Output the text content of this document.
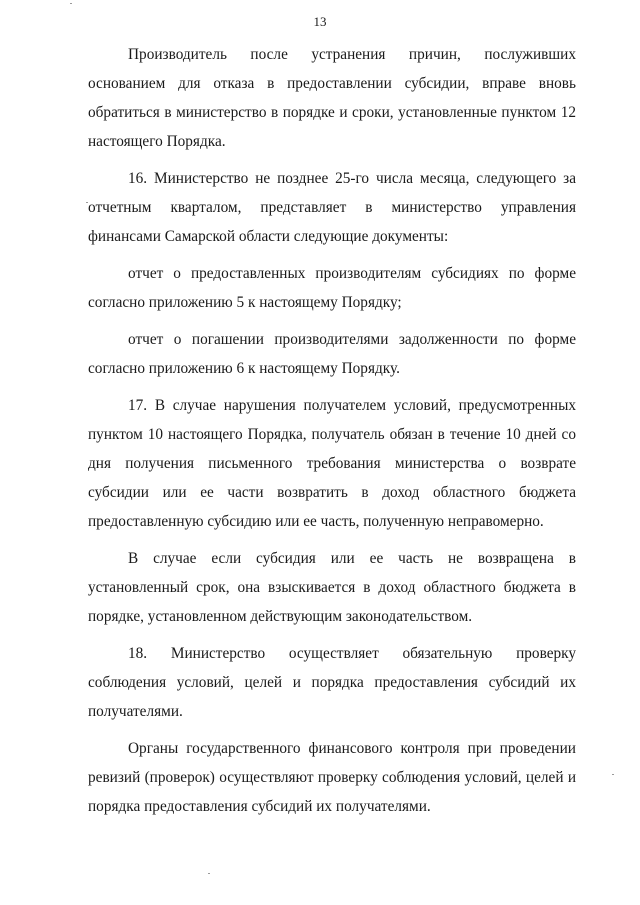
13

Производитель после устранения причин, послуживших основанием для отказа в предоставлении субсидии, вправе вновь обратиться в министерство в порядке и сроки, установленные пунктом 12 настоящего Порядка.

16. Министерство не позднее 25-го числа месяца, следующего за отчетным кварталом, представляет в министерство управления финансами Самарской области следующие документы:

отчет о предоставленных производителям субсидиях по форме согласно приложению 5 к настоящему Порядку;

отчет о погашении производителями задолженности по форме согласно приложению 6 к настоящему Порядку.

17. В случае нарушения получателем условий, предусмотренных пунктом 10 настоящего Порядка, получатель обязан в течение 10 дней со дня получения письменного требования министерства о возврате субсидии или ее части возвратить в доход областного бюджета предоставленную субсидию или ее часть, полученную неправомерно.

В случае если субсидия или ее часть не возвращена в установленный срок, она взыскивается в доход областного бюджета в порядке, установленном действующим законодательством.

18. Министерство осуществляет обязательную проверку соблюдения условий, целей и порядка предоставления субсидий их получателями.

Органы государственного финансового контроля при проведении ревизий (проверок) осуществляют проверку соблюдения условий, целей и порядка предоставления субсидий их получателями.
